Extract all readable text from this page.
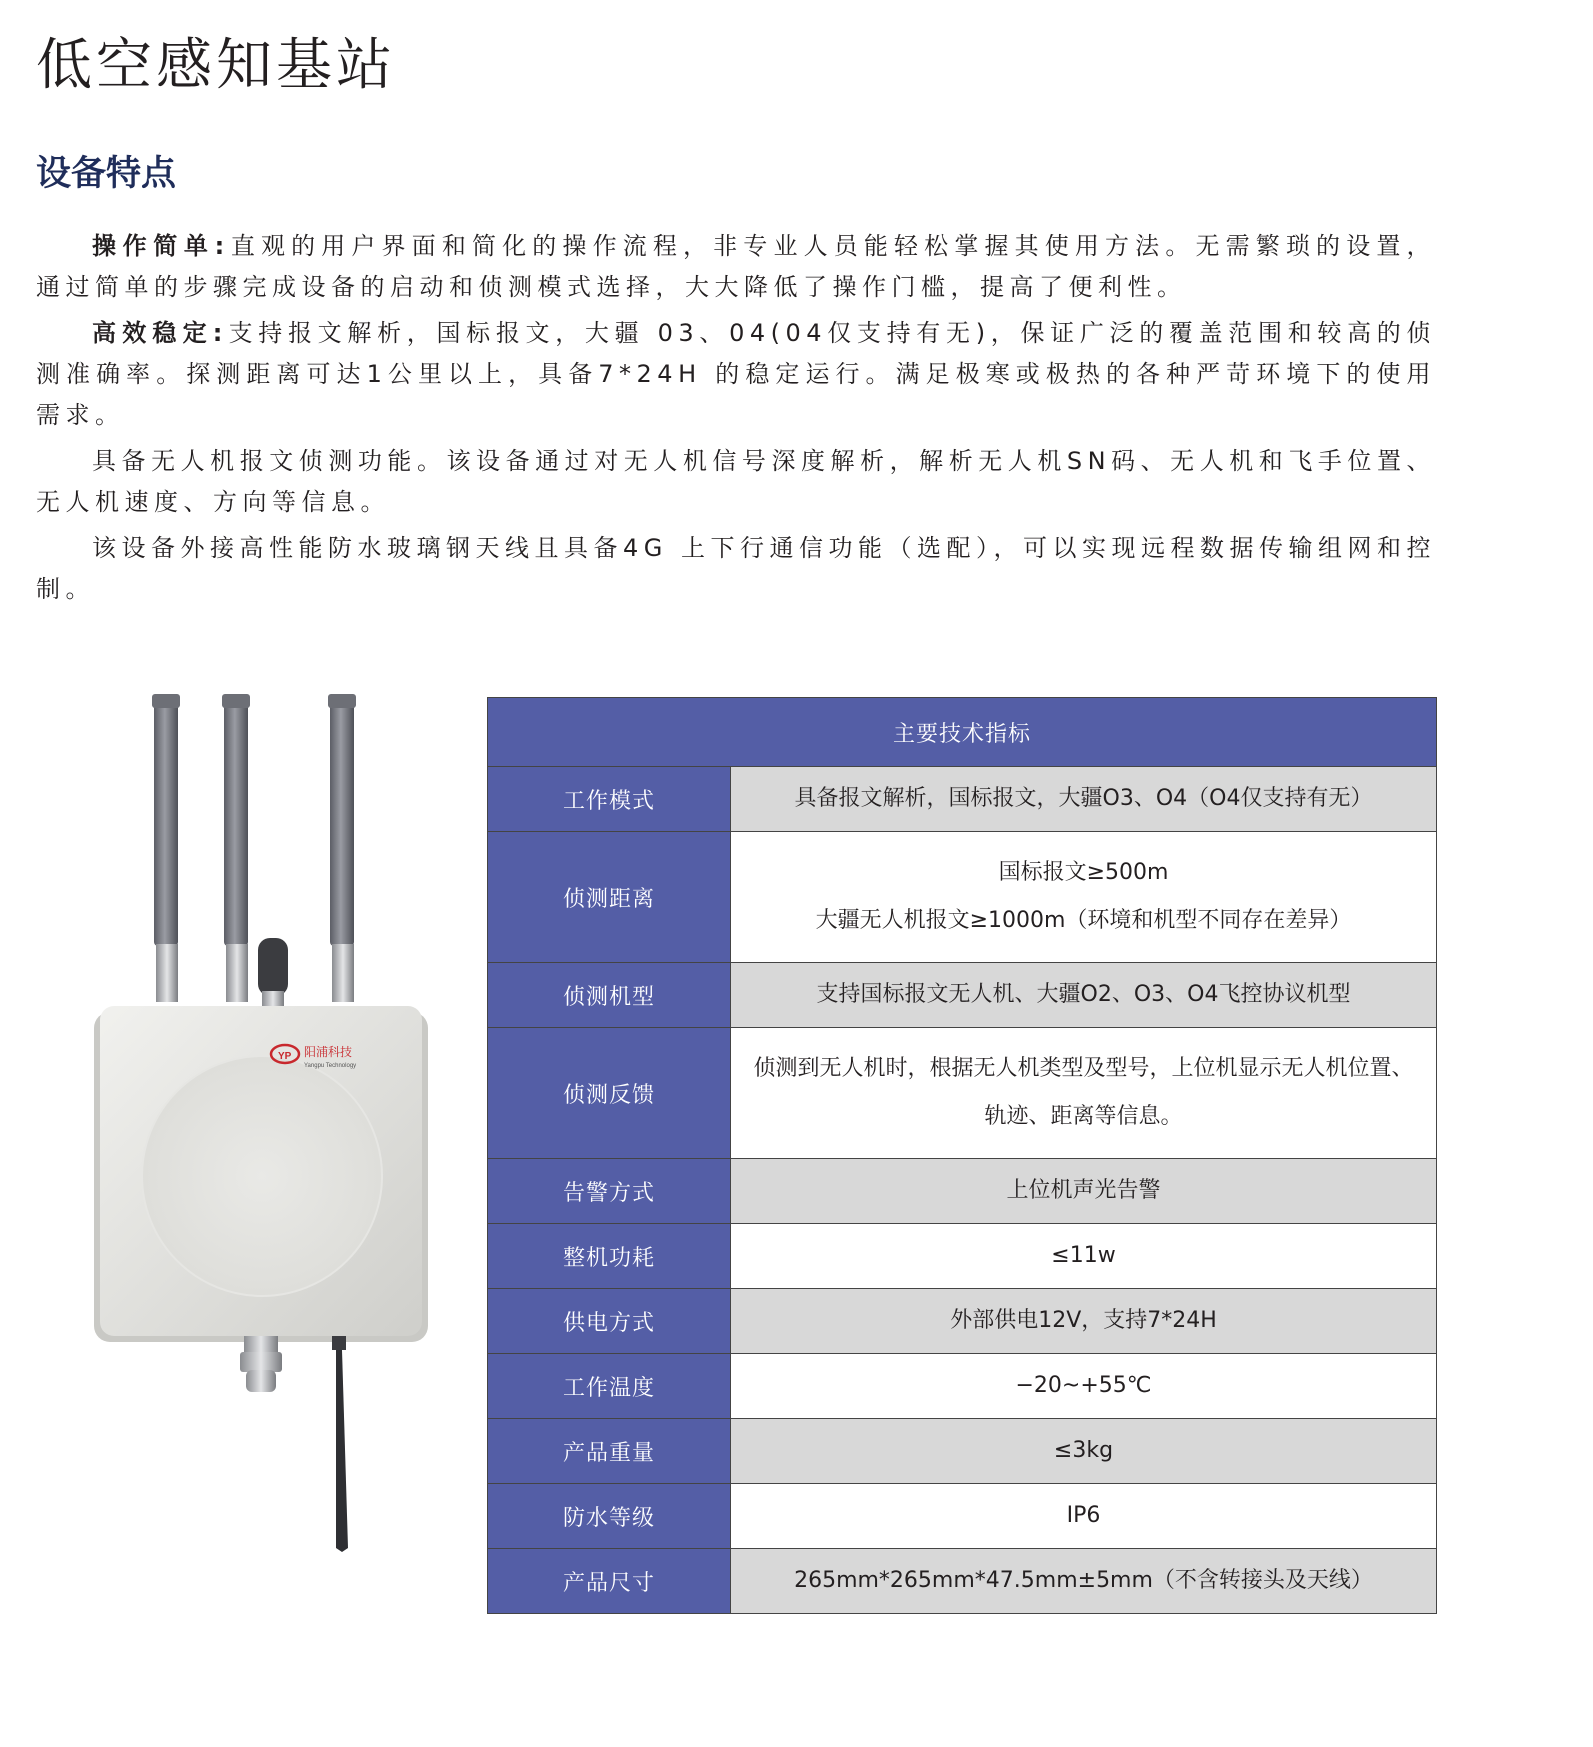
低空感知基站
设备特点

操作简单:直观的用户界面和简化的操作流程，非专业人员能轻松掌握其使用方法。无需繁琐的设置，通过简单的步骤完成设备的启动和侦测模式选择，大大降低了操作门槛，提高了便利性。

高效稳定:支持报文解析，国标报文，大疆 03、04(04仅支持有无)，保证广泛的覆盖范围和较高的侦测准确率。探测距离可达1公里以上，具备7*24H 的稳定运行。满足极寒或极热的各种严苛环境下的使用需求。

具备无人机报文侦测功能。该设备通过对无人机信号深度解析，解析无人机SN码、无人机和飞手位置、无人机速度、方向等信息。

该设备外接高性能防水玻璃钢天线且具备4G 上下行通信功能（选配），可以实现远程数据传输组网和控制。

YP 阳浦科技
Yangpu Technology
主要技术指标	
工作模式	具备报文解析，国标报文，大疆O3、O4（O4仅支持有无）

侦测距离	国标报文≥500m
大疆无人机报文≥1000m（环境和机型不同存在差异）

侦测机型	支持国标报文无人机、大疆O2、O3、O4飞控协议机型

侦测反馈	侦测到无人机时，根据无人机类型及型号，上位机显示无人机位置、
轨迹、距离等信息。

告警方式	上位机声光告警

整机功耗	≤11w

供电方式	外部供电12V，支持7*24H

工作温度	−20~+55℃

产品重量	≤3kg

防水等级	IP6

产品尺寸	265mm*265mm*47.5mm±5mm（不含转接头及天线）
